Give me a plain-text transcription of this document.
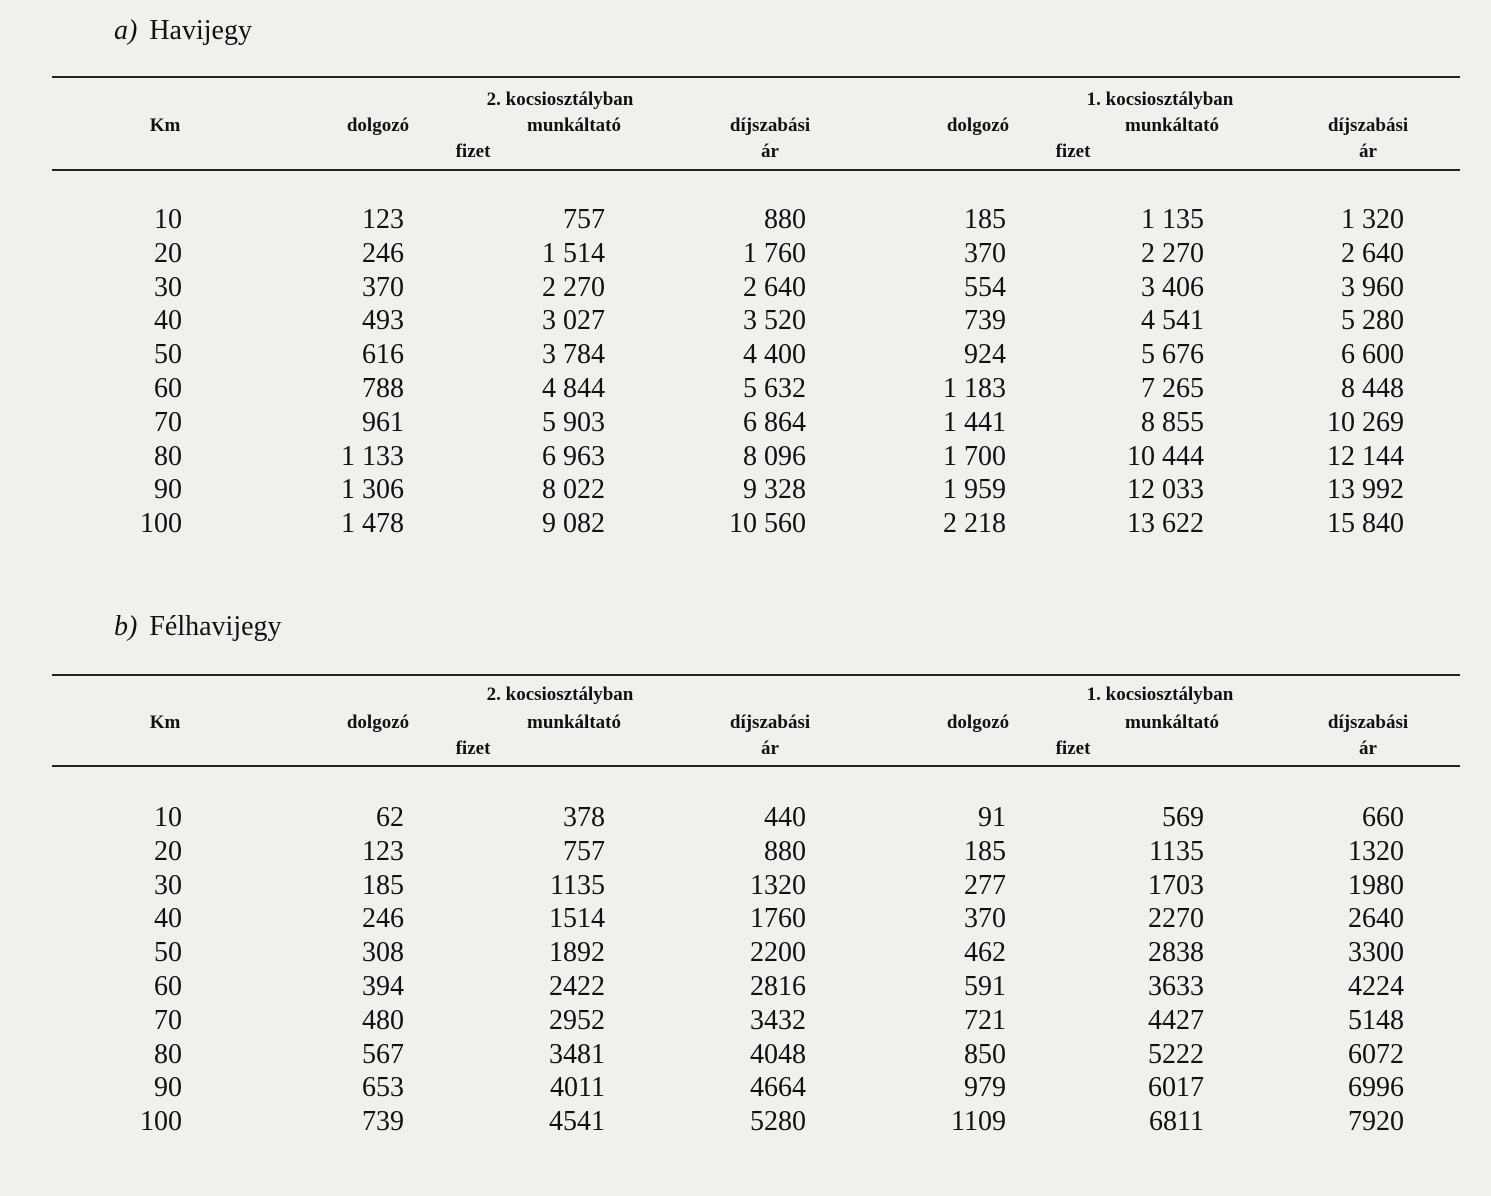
a) Havijegy
2. kocsiosztályban	1. kocsiosztályban
Km	dolgozó	munkáltató	díjszabási	dolgozó	munkáltató	díjszabási
fizet	ár	fizet	ár
10	123	757	880	185	1 135	1 320
20	246	1 514	1 760	370	2 270	2 640
30	370	2 270	2 640	554	3 406	3 960
40	493	3 027	3 520	739	4 541	5 280
50	616	3 784	4 400	924	5 676	6 600
60	788	4 844	5 632	1 183	7 265	8 448
70	961	5 903	6 864	1 441	8 855	10 269
80	1 133	6 963	8 096	1 700	10 444	12 144
90	1 306	8 022	9 328	1 959	12 033	13 992
100	1 478	9 082	10 560	2 218	13 622	15 840
b) Félhavijegy
2. kocsiosztályban	1. kocsiosztályban
Km	dolgozó	munkáltató	díjszabási	dolgozó	munkáltató	díjszabási
fizet	ár	fizet	ár
10	62	378	440	91	569	660
20	123	757	880	185	1135	1320
30	185	1135	1320	277	1703	1980
40	246	1514	1760	370	2270	2640
50	308	1892	2200	462	2838	3300
60	394	2422	2816	591	3633	4224
70	480	2952	3432	721	4427	5148
80	567	3481	4048	850	5222	6072
90	653	4011	4664	979	6017	6996
100	739	4541	5280	1109	6811	7920
